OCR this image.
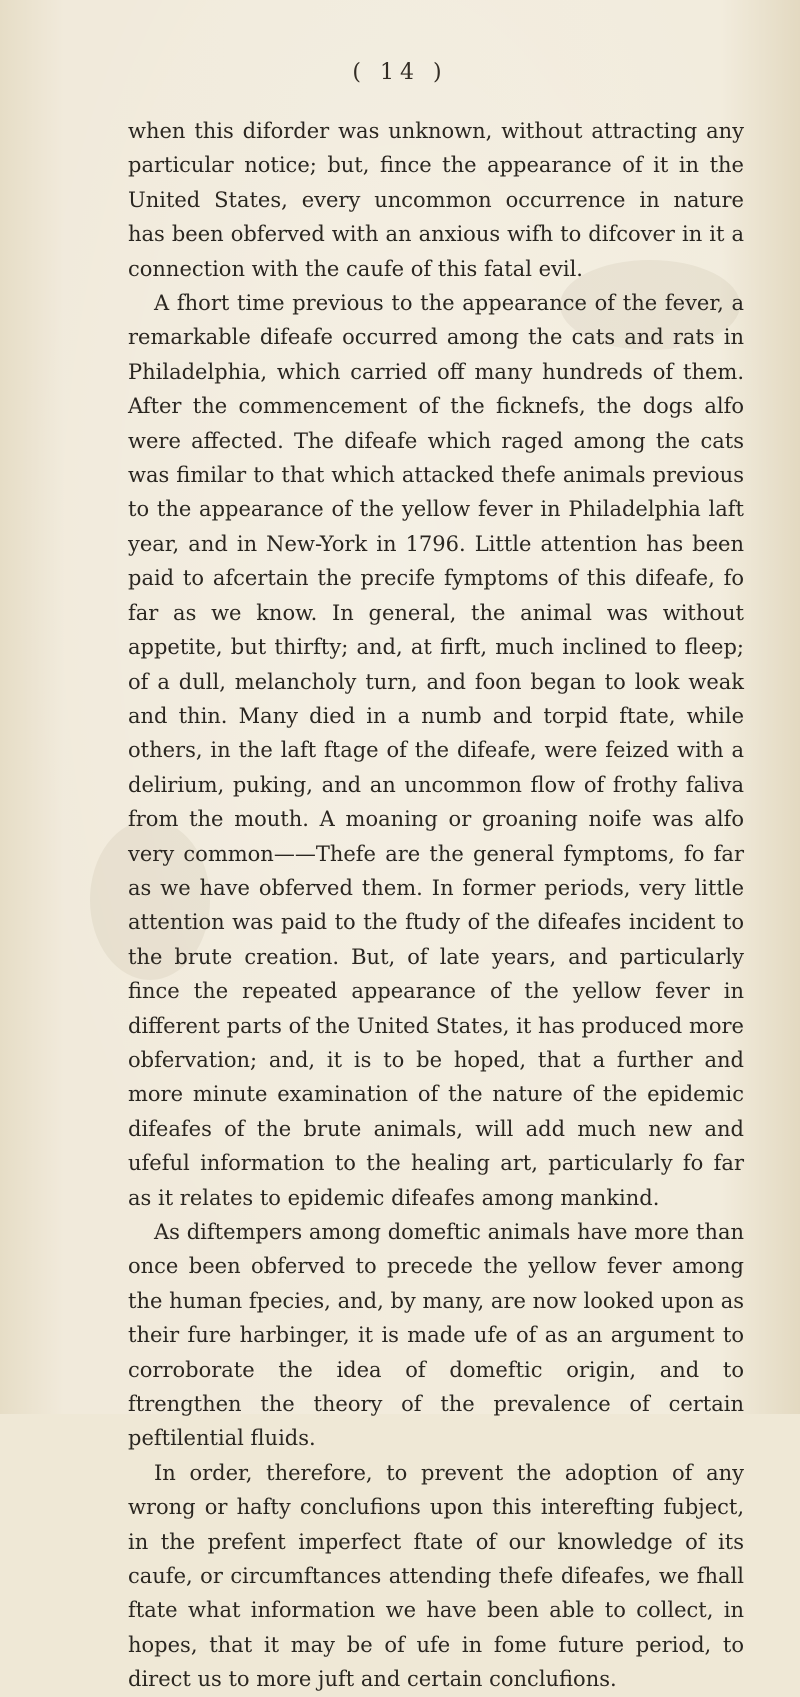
( 14 )

when this diforder was unknown, without attracting any particular notice; but, fince the appearance of it in the United States, every uncommon occurrence in nature has been obferved with an anxious wifh to difcover in it a connection with the caufe of this fatal evil.

A fhort time previous to the appearance of the fever, a remarkable difeafe occurred among the cats and rats in Philadelphia, which carried off many hundreds of them. After the commencement of the ficknefs, the dogs alfo were affected. The difeafe which raged among the cats was fimilar to that which attacked thefe animals previous to the appearance of the yellow fever in Philadelphia laft year, and in New-York in 1796. Little attention has been paid to afcertain the precife fymptoms of this difeafe, fo far as we know. In general, the animal was without appetite, but thirfty; and, at firft, much inclined to fleep; of a dull, melancholy turn, and foon began to look weak and thin. Many died in a numb and torpid ftate, while others, in the laft ftage of the difeafe, were feized with a delirium, puking, and an uncommon flow of frothy faliva from the mouth. A moaning or groaning noife was alfo very common——Thefe are the general fymptoms, fo far as we have obferved them. In former periods, very little attention was paid to the ftudy of the difeafes incident to the brute creation. But, of late years, and particularly fince the repeated appearance of the yellow fever in different parts of the United States, it has produced more obfervation; and, it is to be hoped, that a further and more minute examination of the nature of the epidemic difeafes of the brute animals, will add much new and ufeful information to the healing art, particularly fo far as it relates to epidemic difeafes among mankind.

As diftempers among domeftic animals have more than once been obferved to precede the yellow fever among the human fpecies, and, by many, are now looked upon as their fure harbinger, it is made ufe of as an argument to corroborate the idea of domeftic origin, and to ftrengthen the theory of the prevalence of certain peftilential fluids.

In order, therefore, to prevent the adoption of any wrong or hafty conclufions upon this interefting fubject, in the prefent imperfect ftate of our knowledge of its caufe, or circumftances attending thefe difeafes, we fhall ftate what information we have been able to collect, in hopes, that it may be of ufe in fome future period, to direct us to more juft and certain conclufions.
